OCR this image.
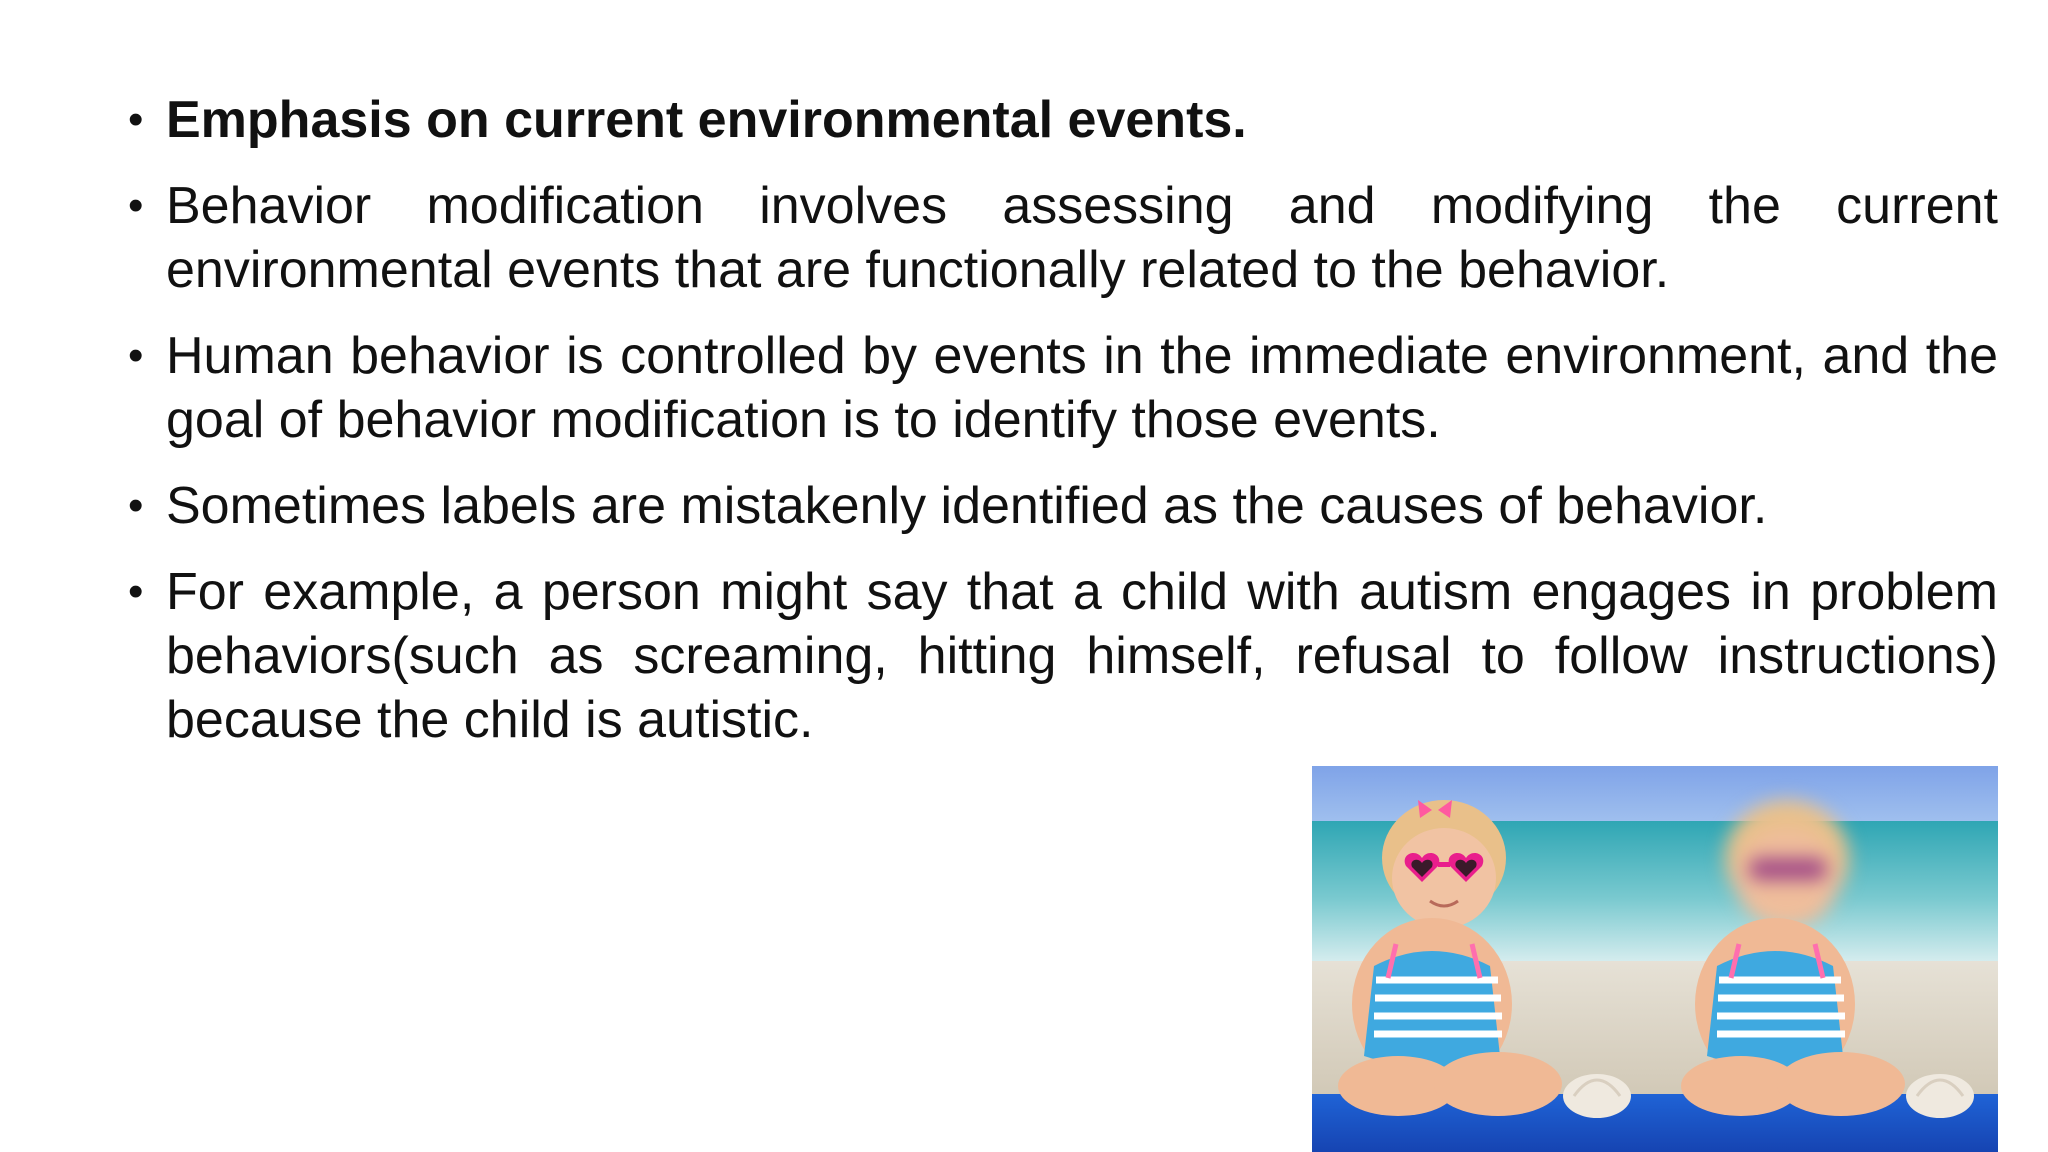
• Emphasis on current environmental events.
• Behavior modification involves assessing and modifying the current environmental events that are functionally related to the behavior.
• Human behavior is controlled by events in the immediate environment, and the goal of behavior modification is to identify those events.
• Sometimes labels are mistakenly identified as the causes of behavior.
• For example, a person might say that a child with autism engages in problem behaviors(such as screaming, hitting himself, refusal to follow instructions) because the child is autistic.
